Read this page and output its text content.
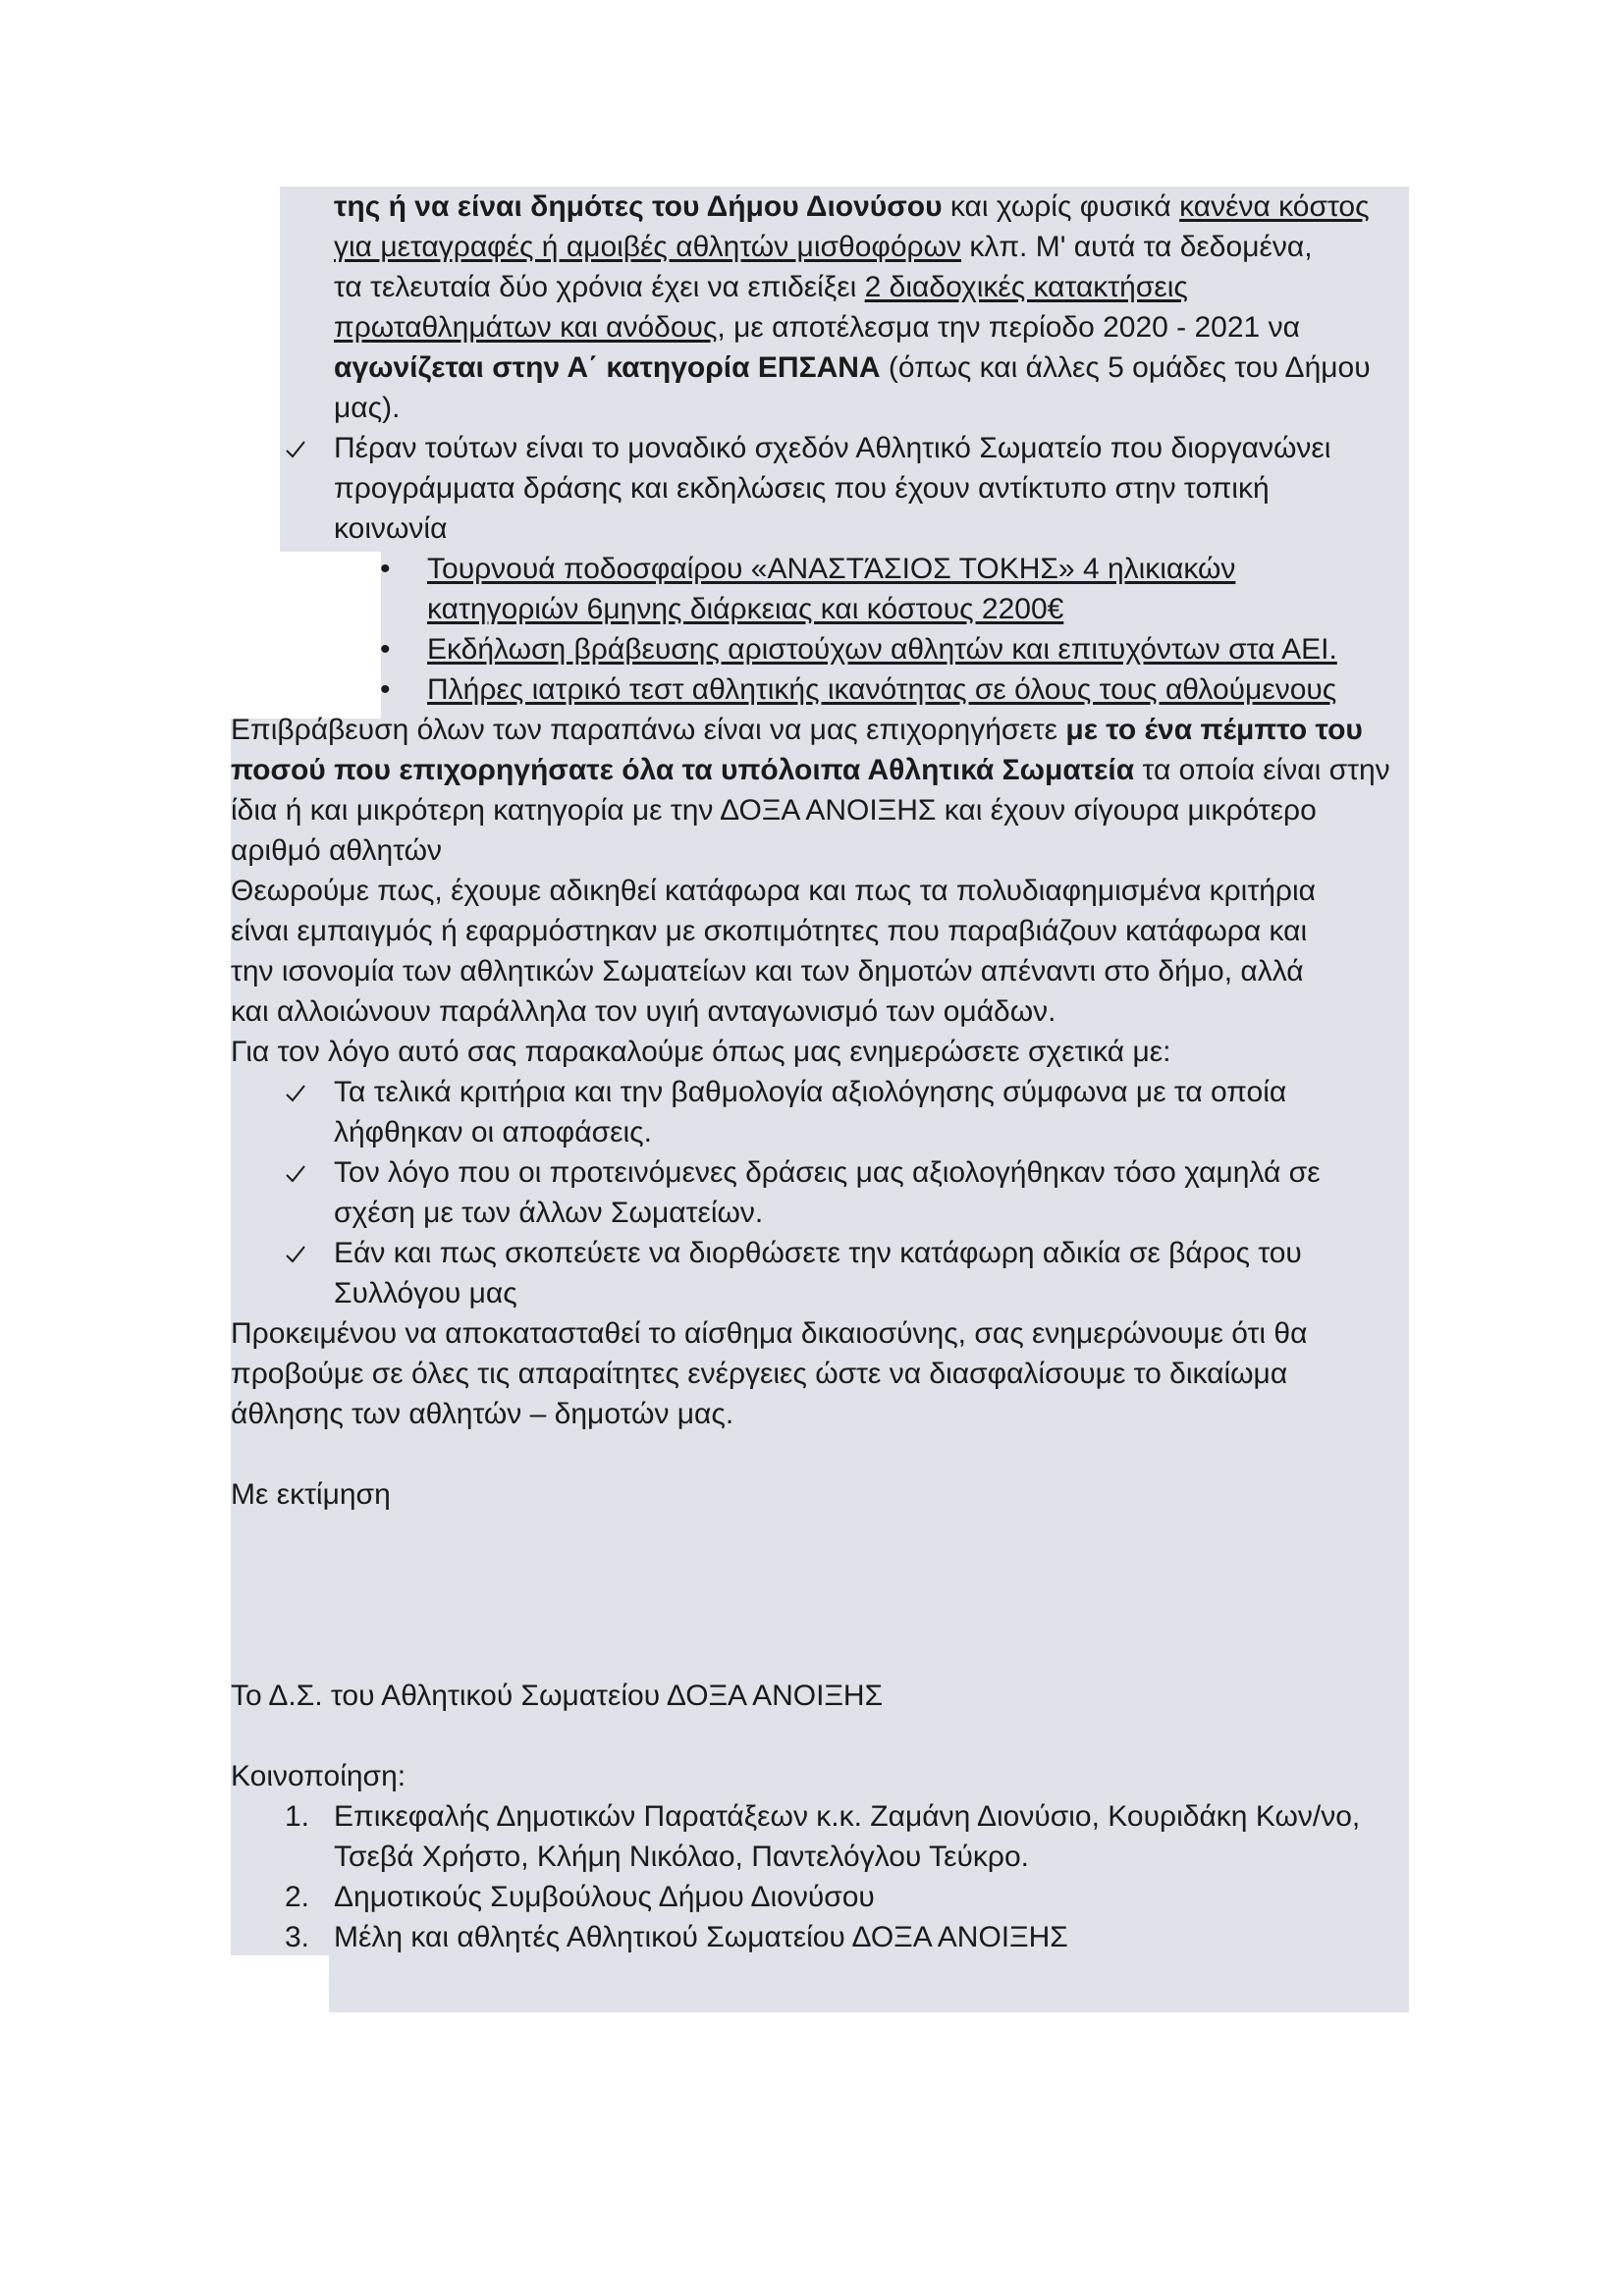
της ή να είναι δημότες του Δήμου Διονύσου και χωρίς φυσικά κανένα κόστος
για μεταγραφές ή αμοιβές αθλητών μισθοφόρων κλπ. Μ' αυτά τα δεδομένα,
τα τελευταία δύο χρόνια έχει να επιδείξει 2 διαδοχικές κατακτήσεις
πρωταθλημάτων και ανόδους, με αποτέλεσμα την περίοδο 2020 - 2021 να
αγωνίζεται στην Α΄ κατηγορία ΕΠΣΑΝΑ (όπως και άλλες 5 ομάδες του Δήμου
μας).
Πέραν τούτων είναι το μοναδικό σχεδόν Αθλητικό Σωματείο που διοργανώνει
προγράμματα δράσης και εκδηλώσεις που έχουν αντίκτυπο στην τοπική
κοινωνία
•	Τουρνουά ποδοσφαίρου «ΑΝΑΣΤΆΣΙΟΣ ΤΟΚΗΣ» 4 ηλικιακών
κατηγοριών 6μηνης διάρκειας και κόστους 2200€
•	Εκδήλωση βράβευσης αριστούχων αθλητών και επιτυχόντων στα ΑΕΙ.
•	Πλήρες ιατρικό τεστ αθλητικής ικανότητας σε όλους τους αθλούμενους
Επιβράβευση όλων των παραπάνω είναι να μας επιχορηγήσετε με το ένα πέμπτο του
ποσού που επιχορηγήσατε όλα τα υπόλοιπα Αθλητικά Σωματεία τα οποία είναι στην
ίδια ή και μικρότερη κατηγορία με την ΔΟΞΑ ΑΝΟΙΞΗΣ και έχουν σίγουρα μικρότερο
αριθμό αθλητών
Θεωρούμε πως, έχουμε αδικηθεί κατάφωρα και πως τα πολυδιαφημισμένα κριτήρια
είναι εμπαιγμός ή εφαρμόστηκαν με σκοπιμότητες που παραβιάζουν κατάφωρα και
την ισονομία των αθλητικών Σωματείων και των δημοτών απέναντι στο δήμο, αλλά
και αλλοιώνουν παράλληλα τον υγιή ανταγωνισμό των ομάδων.
Για τον λόγο αυτό σας παρακαλούμε όπως μας ενημερώσετε σχετικά με:
Τα τελικά κριτήρια και την βαθμολογία αξιολόγησης σύμφωνα με τα οποία
λήφθηκαν οι αποφάσεις.
Τον λόγο που οι προτεινόμενες δράσεις μας αξιολογήθηκαν τόσο χαμηλά σε
σχέση με των άλλων Σωματείων.
Εάν και πως σκοπεύετε να διορθώσετε την κατάφωρη αδικία σε βάρος του
Συλλόγου μας
Προκειμένου να αποκατασταθεί το αίσθημα δικαιοσύνης, σας ενημερώνουμε ότι θα
προβούμε σε όλες τις απαραίτητες ενέργειες ώστε να διασφαλίσουμε το δικαίωμα
άθλησης των αθλητών – δημοτών μας.
Με εκτίμηση
Το Δ.Σ. του Αθλητικού Σωματείου ΔΟΞΑ ΑΝΟΙΞΗΣ
Κοινοποίηση:
1. Επικεφαλής Δημοτικών Παρατάξεων κ.κ. Ζαμάνη Διονύσιο, Κουριδάκη Κων/νο,
Τσεβά Χρήστο, Κλήμη Νικόλαο, Παντελόγλου Τεύκρο.
2. Δημοτικούς Συμβούλους Δήμου Διονύσου
3. Μέλη και αθλητές Αθλητικού Σωματείου ΔΟΞΑ ΑΝΟΙΞΗΣ
